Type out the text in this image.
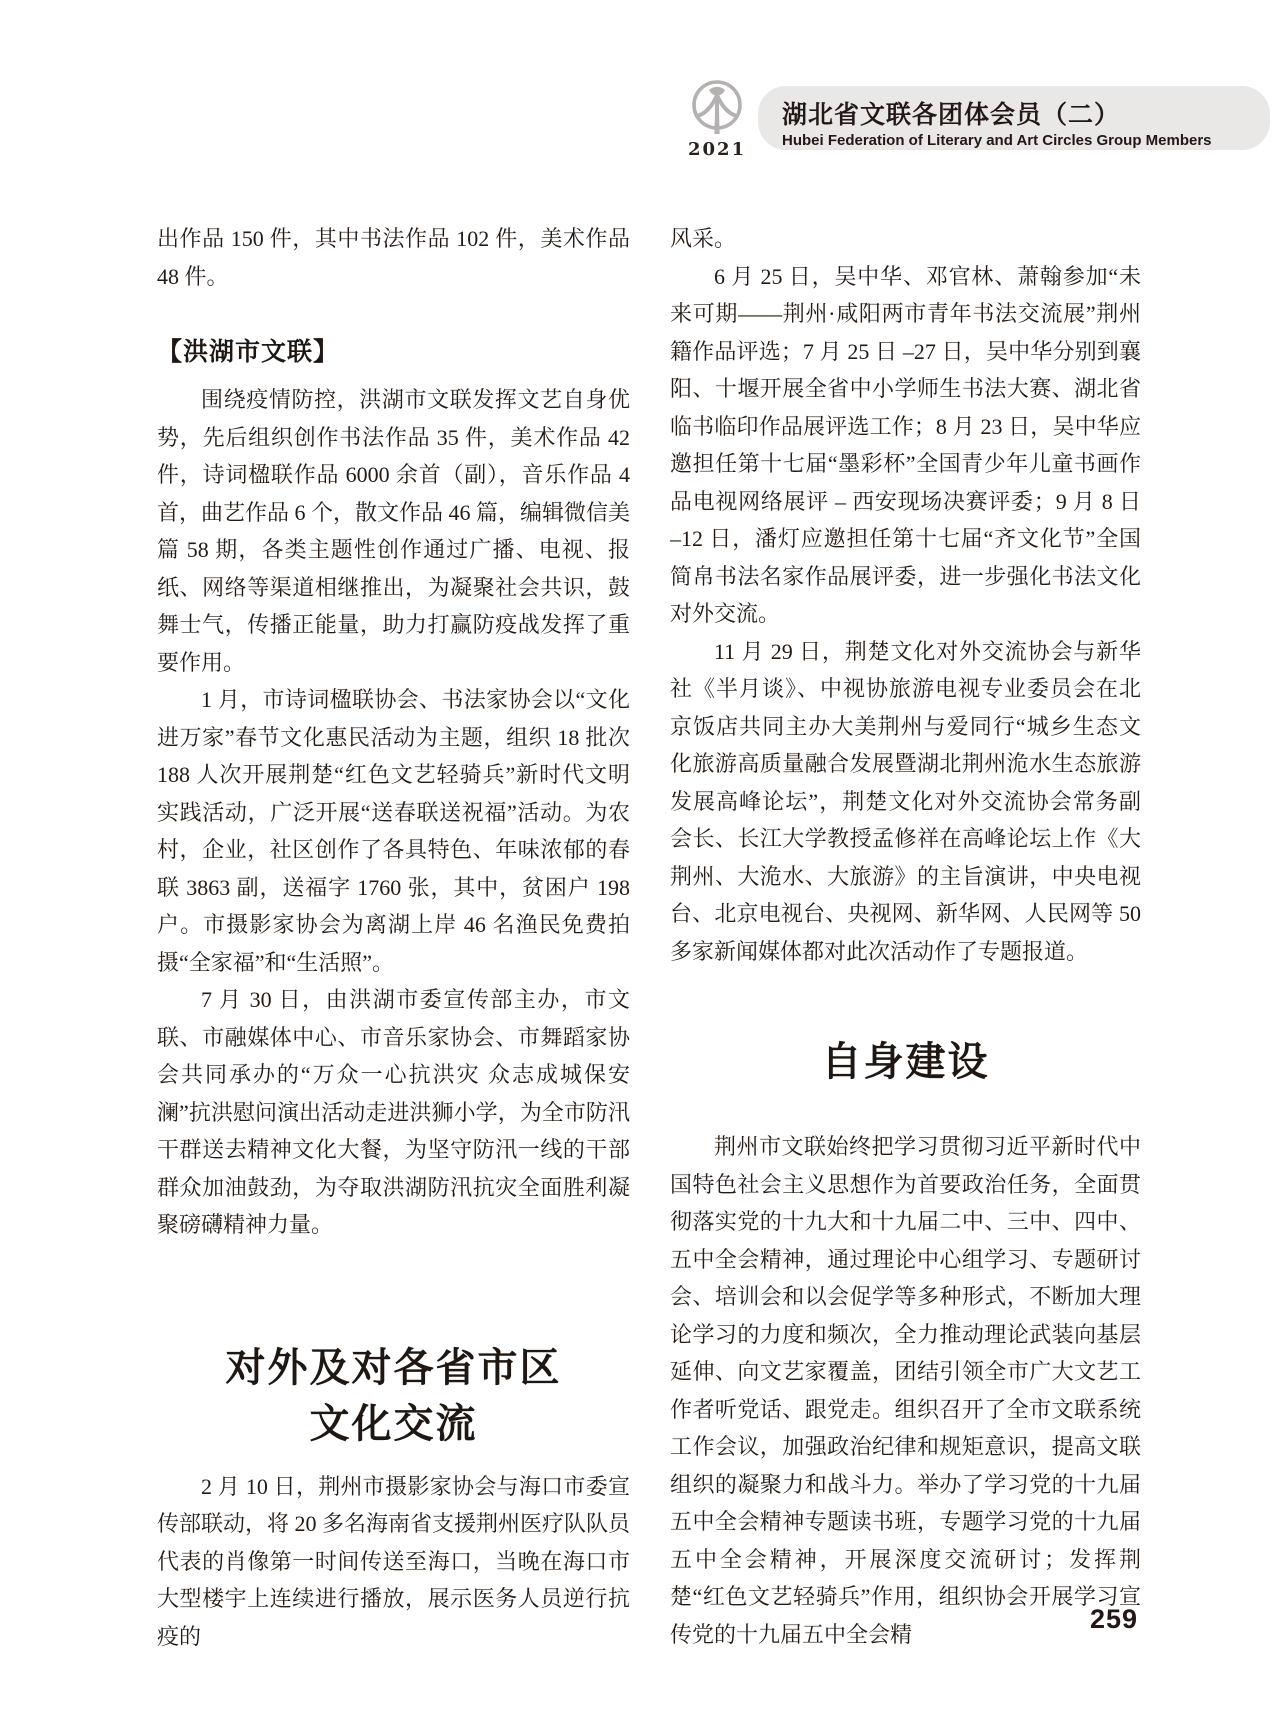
2021
湖北省文联各团体会员（二）
Hubei Federation of Literary and Art Circles Group Members

出作品 150 件，其中书法作品 102 件，美术作品 48 件。

【洪湖市文联】

围绕疫情防控，洪湖市文联发挥文艺自身优势，先后组织创作书法作品 35 件，美术作品 42 件，诗词楹联作品 6000 余首（副），音乐作品 4 首，曲艺作品 6 个，散文作品 46 篇，编辑微信美篇 58 期，各类主题性创作通过广播、电视、报纸、网络等渠道相继推出，为凝聚社会共识，鼓舞士气，传播正能量，助力打赢防疫战发挥了重要作用。

1 月，市诗词楹联协会、书法家协会以“文化进万家”春节文化惠民活动为主题，组织 18 批次 188 人次开展荆楚“红色文艺轻骑兵”新时代文明实践活动，广泛开展“送春联送祝福”活动。为农村，企业，社区创作了各具特色、年味浓郁的春联 3863 副，送福字 1760 张，其中，贫困户 198 户。市摄影家协会为离湖上岸 46 名渔民免费拍摄“全家福”和“生活照”。

7 月 30 日，由洪湖市委宣传部主办，市文联、市融媒体中心、市音乐家协会、市舞蹈家协会共同承办的“万众一心抗洪灾 众志成城保安澜”抗洪慰问演出活动走进洪狮小学，为全市防汛干群送去精神文化大餐，为坚守防汛一线的干部群众加油鼓劲，为夺取洪湖防汛抗灾全面胜利凝聚磅礴精神力量。

对外及对各省市区
文化交流

2 月 10 日，荆州市摄影家协会与海口市委宣传部联动，将 20 多名海南省支援荆州医疗队队员代表的肖像第一时间传送至海口，当晚在海口市大型楼宇上连续进行播放，展示医务人员逆行抗疫的

风采。

6 月 25 日，吴中华、邓官林、萧翰参加“未来可期——荆州·咸阳两市青年书法交流展”荆州籍作品评选；7 月 25 日 –27 日，吴中华分别到襄阳、十堰开展全省中小学师生书法大赛、湖北省临书临印作品展评选工作；8 月 23 日，吴中华应邀担任第十七届“墨彩杯”全国青少年儿童书画作品电视网络展评 – 西安现场决赛评委；9 月 8 日 –12 日，潘灯应邀担任第十七届“齐文化节”全国简帛书法名家作品展评委，进一步强化书法文化对外交流。

11 月 29 日，荆楚文化对外交流协会与新华社《半月谈》、中视协旅游电视专业委员会在北京饭店共同主办大美荆州与爱同行“城乡生态文化旅游高质量融合发展暨湖北荆州洈水生态旅游发展高峰论坛”，荆楚文化对外交流协会常务副会长、长江大学教授孟修祥在高峰论坛上作《大荆州、大洈水、大旅游》的主旨演讲，中央电视台、北京电视台、央视网、新华网、人民网等 50 多家新闻媒体都对此次活动作了专题报道。

自身建设

荆州市文联始终把学习贯彻习近平新时代中国特色社会主义思想作为首要政治任务，全面贯彻落实党的十九大和十九届二中、三中、四中、五中全会精神，通过理论中心组学习、专题研讨会、培训会和以会促学等多种形式，不断加大理论学习的力度和频次，全力推动理论武装向基层延伸、向文艺家覆盖，团结引领全市广大文艺工作者听党话、跟党走。组织召开了全市文联系统工作会议，加强政治纪律和规矩意识，提高文联组织的凝聚力和战斗力。举办了学习党的十九届五中全会精神专题读书班，专题学习党的十九届五中全会精神，开展深度交流研讨；发挥荆楚“红色文艺轻骑兵”作用，组织协会开展学习宣传党的十九届五中全会精	259
